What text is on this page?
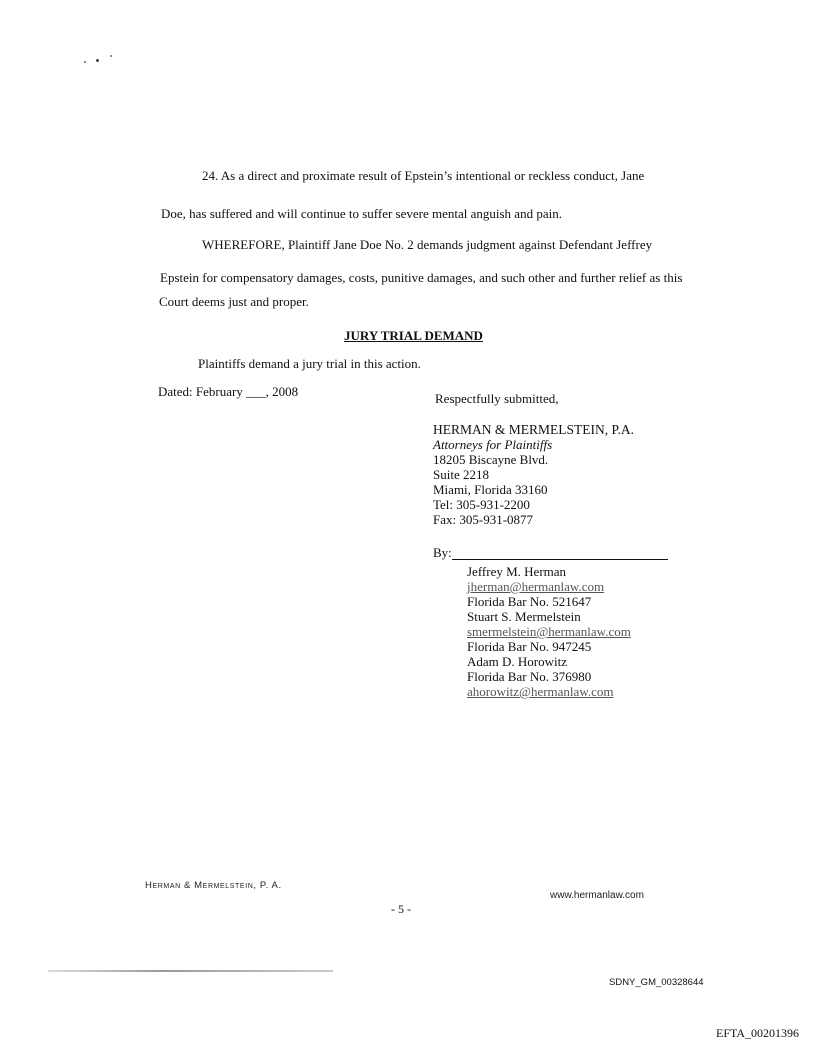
24. As a direct and proximate result of Epstein’s intentional or reckless conduct, Jane
Doe, has suffered and will continue to suffer severe mental anguish and pain.
WHEREFORE, Plaintiff Jane Doe No. 2 demands judgment against Defendant Jeffrey
Epstein for compensatory damages, costs, punitive damages, and such other and further relief as this
Court deems just and proper.
JURY TRIAL DEMAND
Plaintiffs demand a jury trial in this action.
Dated: February ___, 2008	Respectfully submitted,
HERMAN & MERMELSTEIN, P.A.
Attorneys for Plaintiffs
18205 Biscayne Blvd.
Suite 2218
Miami, Florida 33160
Tel: 305-931-2200
Fax: 305-931-0877
By:
Jeffrey M. Herman
jherman@hermanlaw.com
Florida Bar No. 521647
Stuart S. Mermelstein
smermelstein@hermanlaw.com
Florida Bar No. 947245
Adam D. Horowitz
Florida Bar No. 376980
ahorowitz@hermanlaw.com
Herman & Mermelstein, P. A.
- 5 -
www.hermanlaw.com
SDNY_GM_00328644
EFTA_00201396
